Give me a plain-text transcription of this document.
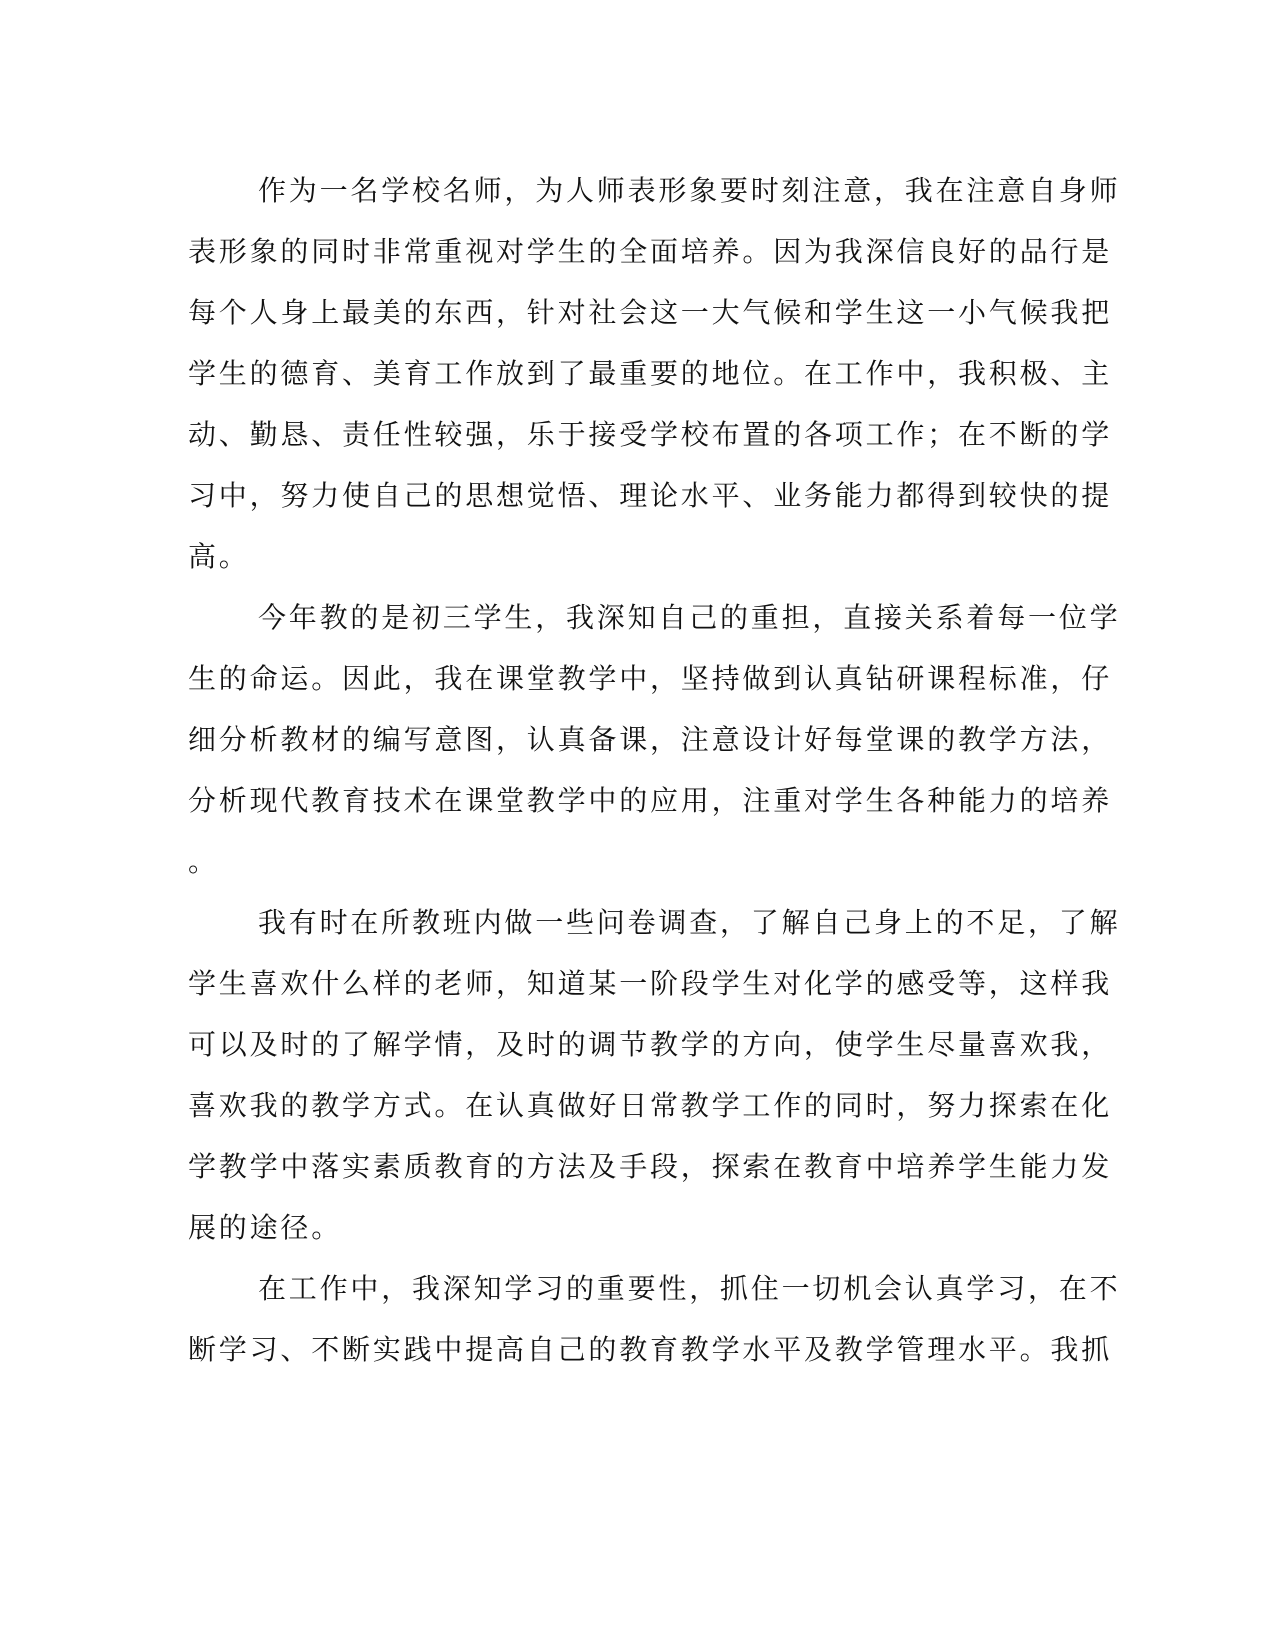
作为一名学校名师，为人师表形象要时刻注意，我在注意自身师
表形象的同时非常重视对学生的全面培养。因为我深信良好的品行是
每个人身上最美的东西，针对社会这一大气候和学生这一小气候我把
学生的德育、美育工作放到了最重要的地位。在工作中，我积极、主
动、勤恳、责任性较强，乐于接受学校布置的各项工作；在不断的学
习中，努力使自己的思想觉悟、理论水平、业务能力都得到较快的提
高。
今年教的是初三学生，我深知自己的重担，直接关系着每一位学
生的命运。因此，我在课堂教学中，坚持做到认真钻研课程标准，仔
细分析教材的编写意图，认真备课，注意设计好每堂课的教学方法，
分析现代教育技术在课堂教学中的应用，注重对学生各种能力的培养
。
我有时在所教班内做一些问卷调查，了解自己身上的不足，了解
学生喜欢什么样的老师，知道某一阶段学生对化学的感受等，这样我
可以及时的了解学情，及时的调节教学的方向，使学生尽量喜欢我，
喜欢我的教学方式。在认真做好日常教学工作的同时，努力探索在化
学教学中落实素质教育的方法及手段，探索在教育中培养学生能力发
展的途径。
在工作中，我深知学习的重要性，抓住一切机会认真学习，在不
断学习、不断实践中提高自己的教育教学水平及教学管理水平。我抓
